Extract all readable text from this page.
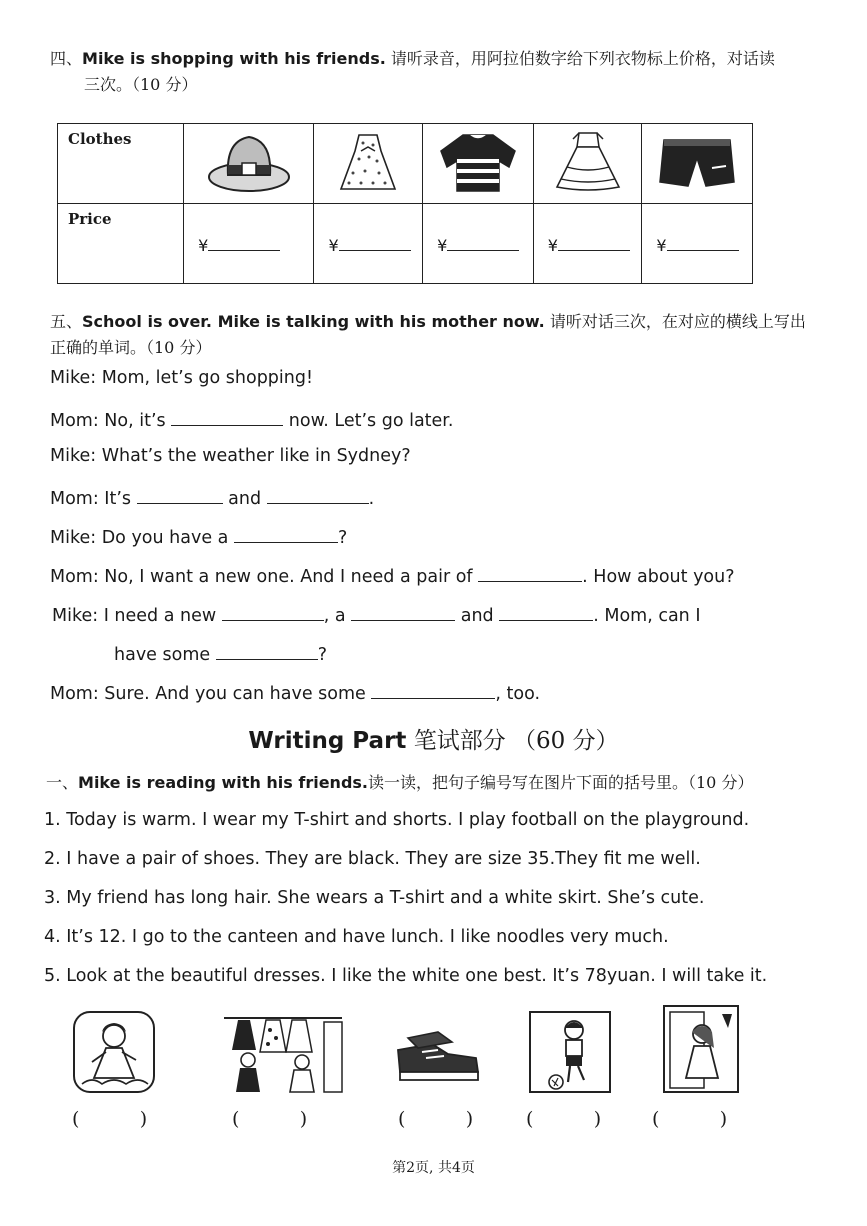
四、Mike is shopping with his friends. 请听录音，用阿拉伯数字给下列衣物标上价格，对话读
三次。（10 分）
Clothes					
Price	¥	¥	¥	¥	¥
五、School is over. Mike is talking with his mother now. 请听对话三次，在对应的横线上写出
正确的单词。（10 分）
Mike: Mom, let’s go shopping!
Mom: No, it’s	now. Let’s go later.
Mike: What’s the weather like in Sydney?
Mom: It’s	and	.
Mike: Do you have a	?
Mom: No, I want a new one. And I need a pair of	. How about you?
Mike: I need a new	, a	and	. Mom, can I
have some	?
Mom: Sure. And you can have some	, too.
Writing Part 笔试部分 （60 分）
一、Mike is reading with his friends.读一读，把句子编号写在图片下面的括号里。（10 分）
1. Today is warm. I wear my T-shirt and shorts. I play football on the playground.
2. I have a pair of shoes. They are black. They are size 35.They fit me well.
3. My friend has long hair. She wears a T-shirt and a white skirt. She’s cute.
4. It’s 12. I go to the canteen and have lunch. I like noodles very much.
5. Look at the beautiful dresses. I like the white one best. It’s 78yuan. I will take it.
(          )	(          )	(          )	(          )	(          )
第2页, 共4页
